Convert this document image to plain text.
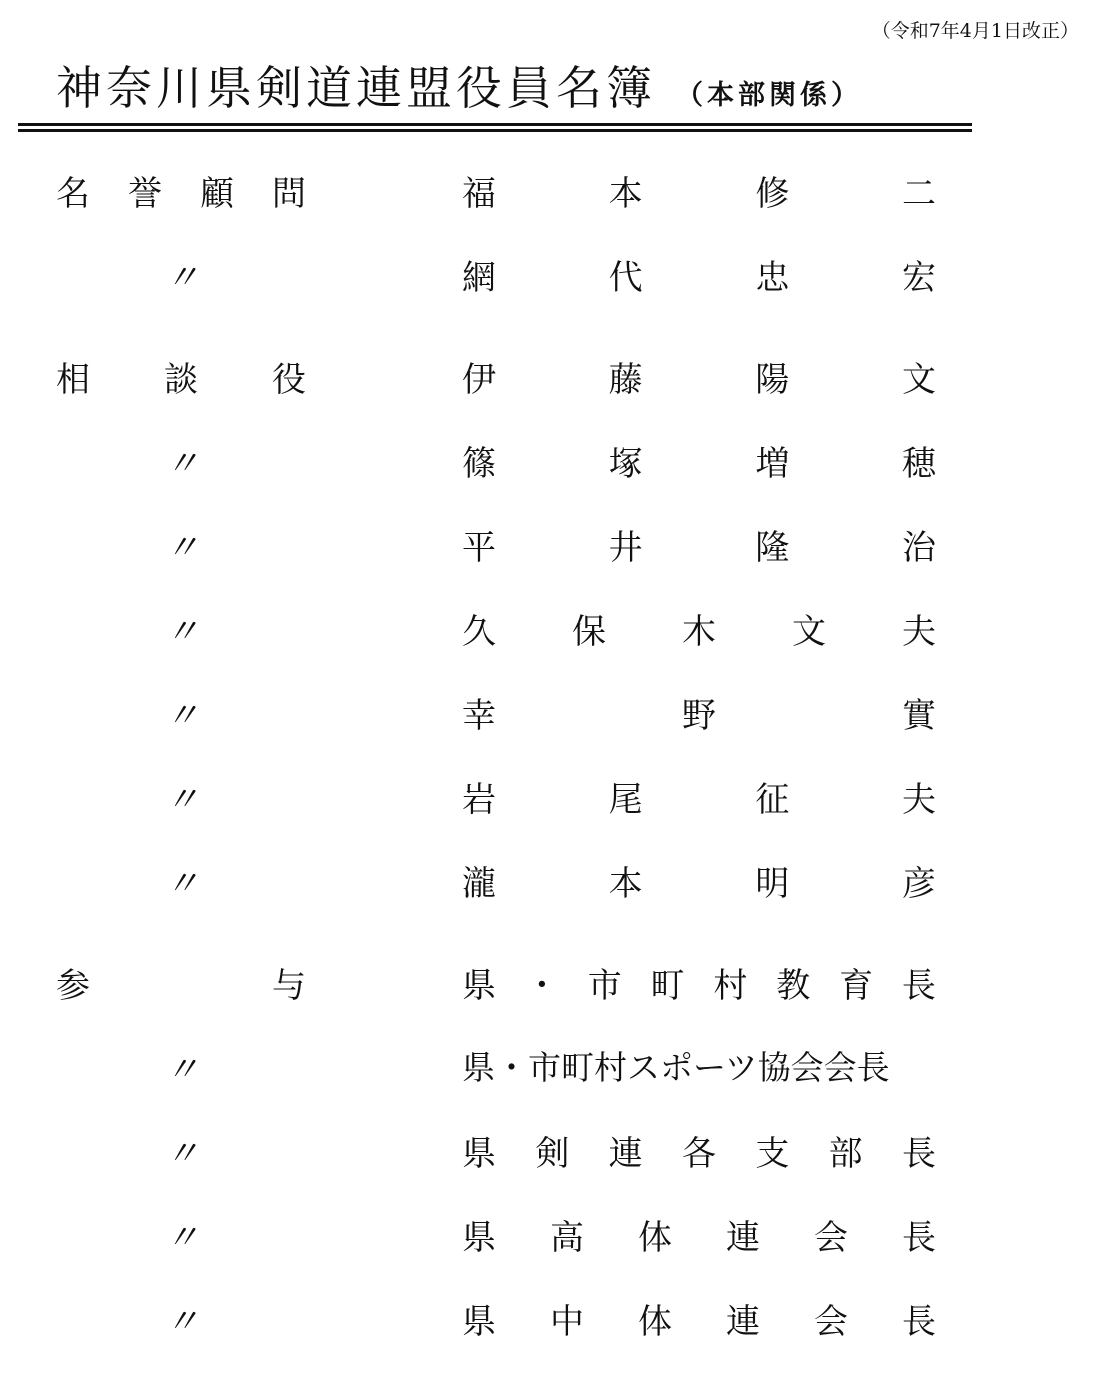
（令和7年4月1日改正）
神奈川県剣道連盟役員名簿 （本部関係）
名 誉 顧 問	福	本	修	二
〃	網	代	忠	宏
相 談 役	伊	藤	陽	文
〃	篠	塚	増	穂
〃	平	井	隆	治
〃	久 保 木 文 夫
〃	幸	野	實
〃	岩	尾	征	夫
〃	瀧	本	明	彦
参	与	県 ・ 市 町 村 教 育 長
〃	県・市町村スポーツ協会会長
〃	県 剣 連 各 支 部 長
〃	県 高 体 連 会 長
〃	県 中 体 連 会 長
